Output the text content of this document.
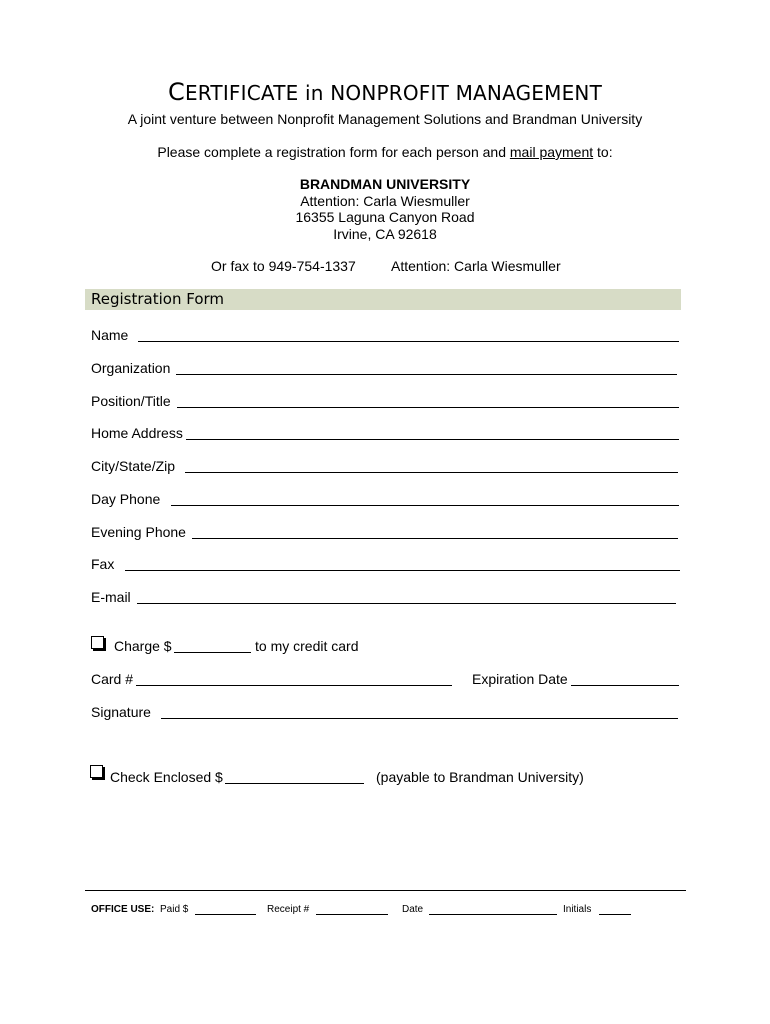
CERTIFICATE in NONPROFIT MANAGEMENT
A joint venture between Nonprofit Management Solutions and Brandman University
Please complete a registration form for each person and mail payment to:
BRANDMAN UNIVERSITY
Attention: Carla Wiesmuller
16355 Laguna Canyon Road
Irvine, CA 92618
Or fax to 949-754-1337	Attention: Carla Wiesmuller
Registration Form
Name
Organization
Position/Title
Home Address
City/State/Zip
Day Phone
Evening Phone
Fax
E-mail
Charge $	to my credit card
Card #	Expiration Date
Signature
Check Enclosed $	(payable to Brandman University)
OFFICE USE: Paid $	Receipt #	Date	Initials
